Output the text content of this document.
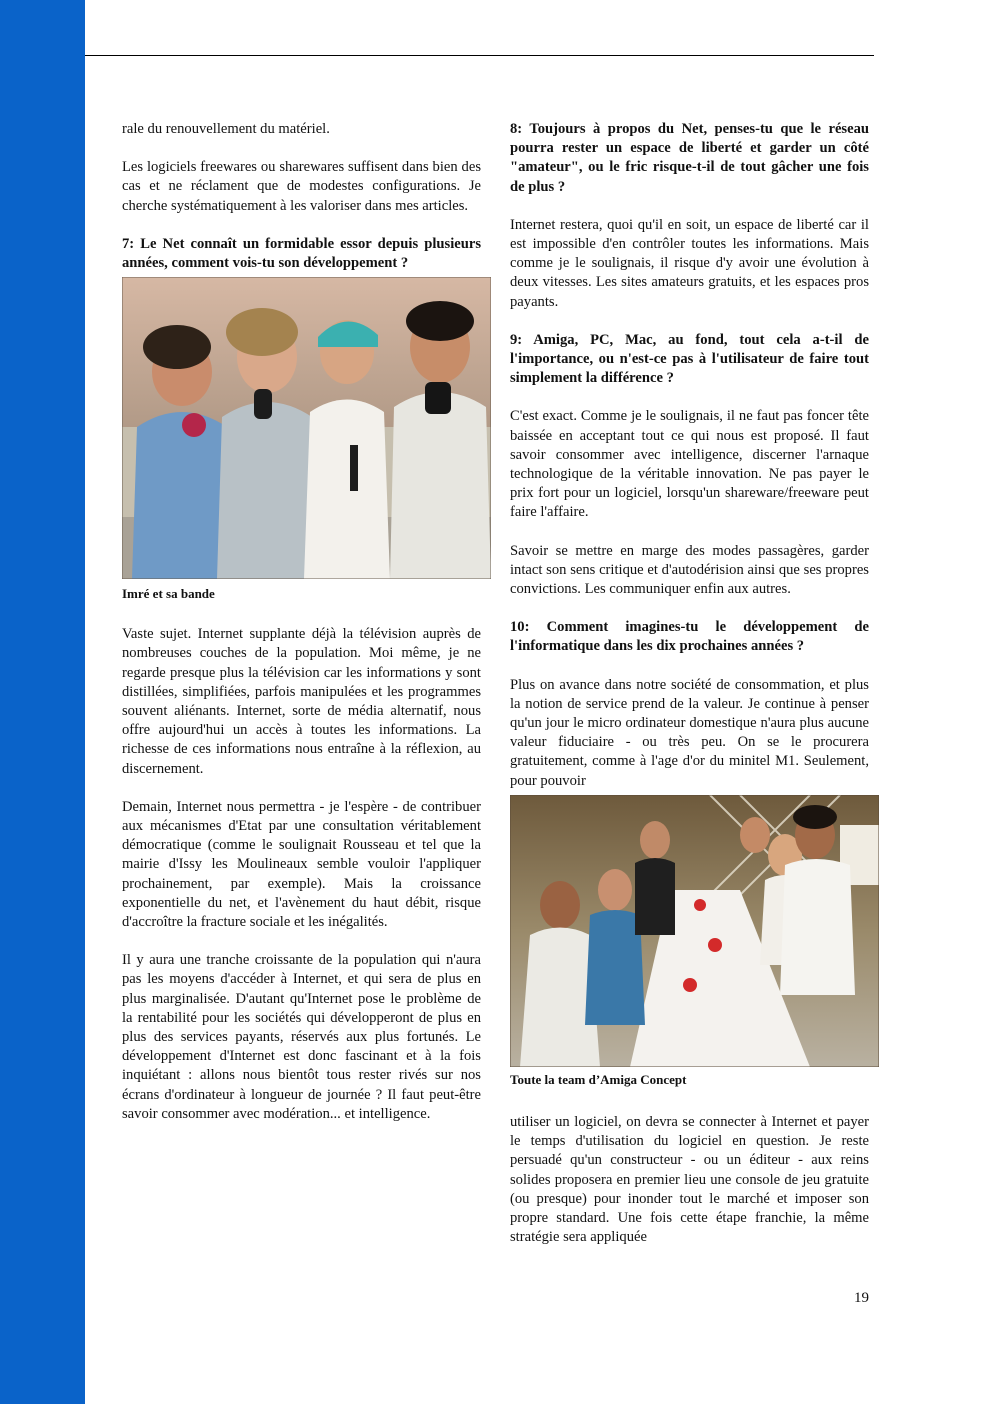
rale du renouvellement du matériel.

Les logiciels freewares ou sharewares suffisent dans bien des cas et ne réclament que de modestes configurations. Je cherche systématiquement à les valoriser dans mes articles.

7: Le Net connaît un formidable essor depuis plusieurs années, comment vois-tu son développement ?

Imré et sa bande

Vaste sujet. Internet supplante déjà la télévision auprès de nombreuses couches de la population. Moi même, je ne regarde presque plus la télévision car les informations y sont distillées, simplifiées, parfois manipulées et les programmes souvent aliénants. Internet, sorte de média alternatif, nous offre aujourd'hui un accès à toutes les informations. La richesse de ces informations nous entraîne à la réflexion, au discernement.

Demain, Internet nous permettra - je l'espère - de contribuer aux mécanismes d'Etat par une consultation véritablement démocratique (comme le soulignait Rousseau et tel que la mairie d'Issy les Moulineaux semble vouloir l'appliquer prochainement, par exemple). Mais la croissance exponentielle du net, et l'avènement du haut débit, risque d'accroître la fracture sociale et les inégalités.

Il y aura une tranche croissante de la population qui n'aura pas les moyens d'accéder à Internet, et qui sera de plus en plus marginalisée. D'autant qu'Internet pose le problème de la rentabilité pour les sociétés qui développeront de plus en plus des services payants, réservés aux plus fortunés. Le développement d'Internet est donc fascinant et à la fois inquiétant : allons nous bientôt tous rester rivés sur nos écrans d'ordinateur à longueur de journée ? Il faut peut-être savoir consommer avec modération... et intelligence.

8: Toujours à propos du Net, penses-tu que le réseau pourra rester un espace de liberté et garder un côté "amateur", ou le fric risque-t-il de tout gâcher une fois de plus ?

Internet restera, quoi qu'il en soit, un espace de liberté car il est impossible d'en contrôler toutes les informations. Mais comme je le soulignais, il risque d'y avoir une évolution à deux vitesses. Les sites amateurs gratuits, et les espaces pros payants.

9: Amiga, PC, Mac, au fond, tout cela a-t-il de l'importance, ou n'est-ce pas à l'utilisateur de faire tout simplement la différence ?

C'est exact. Comme je le soulignais, il ne faut pas foncer tête baissée en acceptant tout ce qui nous est proposé. Il faut savoir consommer avec intelligence, discerner l'arnaque technologique de la véritable innovation. Ne pas payer le prix fort pour un logiciel, lorsqu'un shareware/freeware peut faire l'affaire.

Savoir se mettre en marge des modes passagères, garder intact son sens critique et d'autodérision ainsi que ses propres convictions. Les communiquer enfin aux autres.

10: Comment imagines-tu le développement de l'informatique dans les dix prochaines années ?

Plus on avance dans notre société de consommation, et plus la notion de service prend de la valeur. Je continue à penser qu'un jour le micro ordinateur domestique n'aura plus aucune valeur fiduciaire - ou très peu. On se le procurera gratuitement, comme à l'age d'or du minitel M1. Seulement, pour pouvoir

Toute la team d’Amiga Concept

utiliser un logiciel, on devra se connecter à Internet et payer le temps d'utilisation du logiciel en question. Je reste persuadé qu'un constructeur - ou un éditeur - aux reins solides proposera en premier lieu une console de jeu gratuite (ou presque) pour inonder tout le marché et imposer son propre standard. Une fois cette étape franchie, la même stratégie sera appliquée

19
